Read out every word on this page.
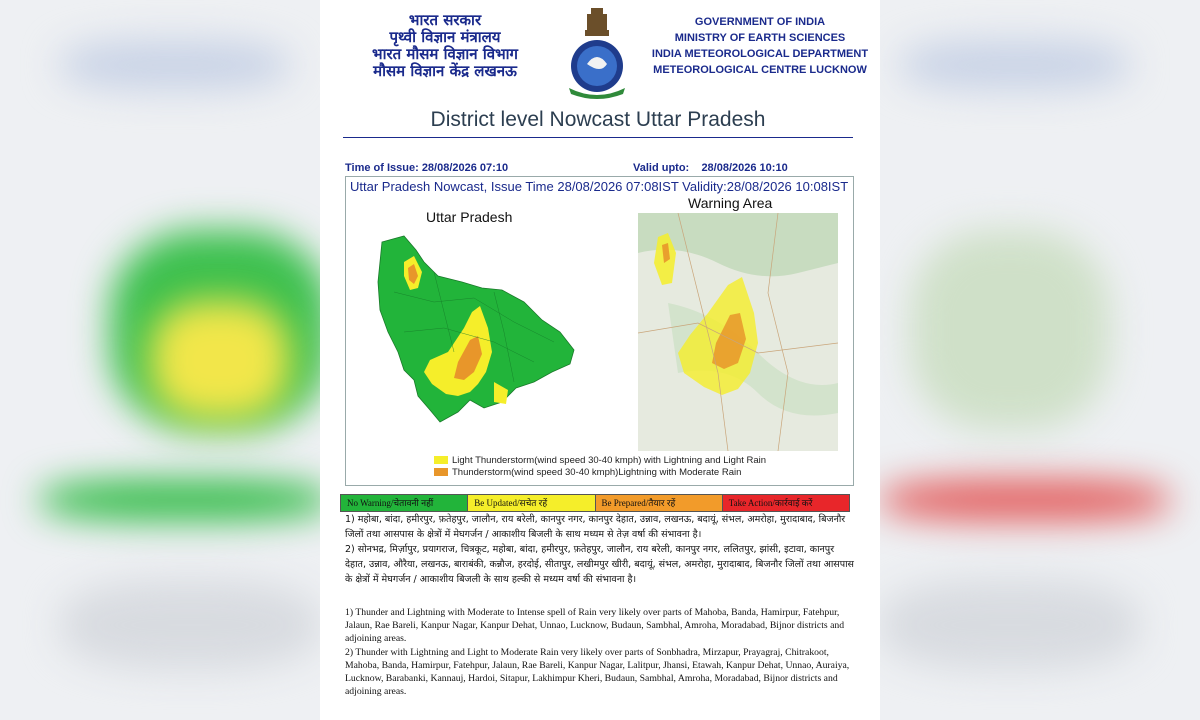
भारत सरकार
पृथ्वी विज्ञान मंत्रालय
भारत मौसम विज्ञान विभाग
मौसम विज्ञान केंद्र लखनऊ
GOVERNMENT OF INDIA
MINISTRY OF EARTH SCIENCES
INDIA METEOROLOGICAL DEPARTMENT
METEOROLOGICAL CENTRE LUCKNOW
District level Nowcast Uttar Pradesh
Time of Issue: 28/08/2026 07:10	Valid upto:    28/08/2026 10:10
Uttar Pradesh Nowcast, Issue Time 28/08/2026 07:08IST Validity:28/08/2026 10:08IST
Uttar Pradesh
Warning Area
Light Thunderstorm(wind speed 30-40 kmph) with Lightning and Light Rain
Thunderstorm(wind speed 30-40 kmph)Lightning with Moderate Rain
No Warning/चेतावनी नहीं	Be Updated/सचेत रहें	Be Prepared/तैयार रहें	Take Action/कार्रवाई करें
1) महोबा, बांदा, हमीरपुर, फ़तेहपुर, जालौन, राय बरेली, कानपुर नगर, कानपुर देहात, उन्नाव, लखनऊ, बदायूं, संभल, अमरोहा, मुरादाबाद, बिजनौर जिलों तथा आसपास के क्षेत्रों में मेघगर्जन / आकाशीय बिजली के साथ मध्यम से तेज़ वर्षा की संभावना है।
2) सोनभद्र, मिर्ज़ापुर, प्रयागराज, चित्रकूट, महोबा, बांदा, हमीरपुर, फ़तेहपुर, जालौन, राय बरेली, कानपुर नगर, ललितपुर, झांसी, इटावा, कानपुर देहात, उन्नाव, औरैया, लखनऊ, बाराबंकी, कन्नौज, हरदोई, सीतापुर, लखीमपुर खीरी, बदायूं, संभल, अमरोहा, मुरादाबाद, बिजनौर जिलों तथा आसपास के क्षेत्रों में मेघगर्जन / आकाशीय बिजली के साथ हल्की से मध्यम वर्षा की संभावना है।

1) Thunder and Lightning with Moderate to Intense spell of Rain very likely over parts of Mahoba, Banda, Hamirpur, Fatehpur, Jalaun, Rae Bareli, Kanpur Nagar, Kanpur Dehat, Unnao, Lucknow, Budaun, Sambhal, Amroha, Moradabad, Bijnor districts and adjoining areas.

2) Thunder with Lightning and Light to Moderate Rain very likely over parts of Sonbhadra, Mirzapur, Prayagraj, Chitrakoot, Mahoba, Banda, Hamirpur, Fatehpur, Jalaun, Rae Bareli, Kanpur Nagar, Lalitpur, Jhansi, Etawah, Kanpur Dehat, Unnao, Auraiya, Lucknow, Barabanki, Kannauj, Hardoi, Sitapur, Lakhimpur Kheri, Budaun, Sambhal, Amroha, Moradabad, Bijnor districts and adjoining areas.
